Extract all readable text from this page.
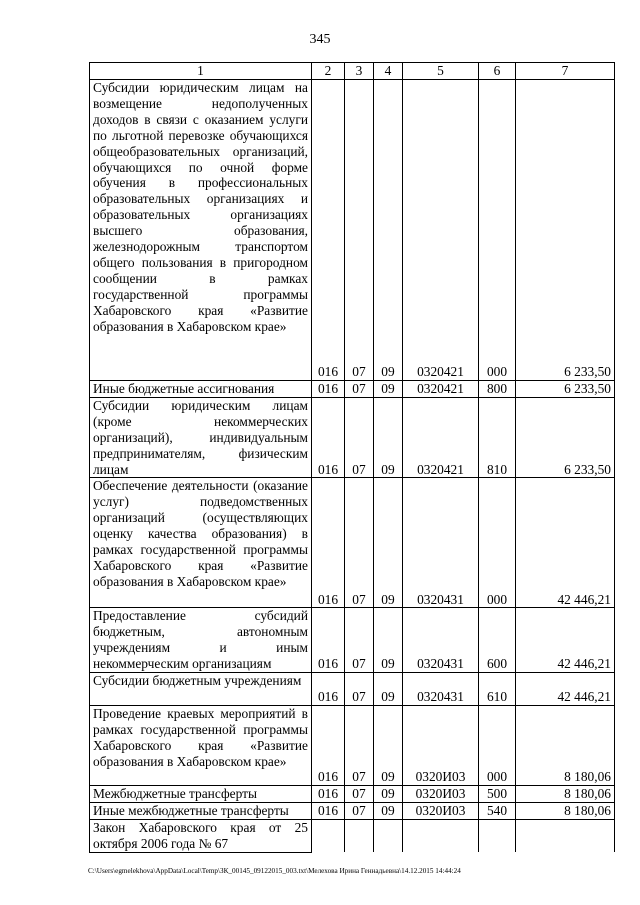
345
1	2	3	4	5	6	7
Субсидии юридическим лицам на возмещение недополученных доходов в связи с оказанием услуги по льготной перевозке обучающихся общеобразовательных организаций, обучающихся по очной форме обучения в профессиональных образовательных организациях и образовательных организациях высшего образования, железнодорожным транспортом общего пользования в пригородном сообщении в рамках государственной программы Хабаровского края «Развитие образования в Хабаровском крае»	016	07	09	0320421	000	6 233,50
Иные бюджетные ассигнования	016	07	09	0320421	800	6 233,50
Субсидии юридическим лицам (кроме некоммерческих организаций), индивидуальным предпринимателям, физическим лицам	016	07	09	0320421	810	6 233,50
Обеспечение деятельности (оказание услуг) подведомственных организаций (осуществляющих оценку качества образования) в рамках государственной программы Хабаровского края «Развитие образования в Хабаровском крае»	016	07	09	0320431	000	42 446,21
Предоставление субсидий бюджетным, автономным учреждениям и иным некоммерческим организациям	016	07	09	0320431	600	42 446,21
Субсидии бюджетным учреждениям	016	07	09	0320431	610	42 446,21
Проведение краевых мероприятий в рамках государственной программы Хабаровского края «Развитие образования в Хабаровском крае»	016	07	09	0320И03	000	8 180,06
Межбюджетные трансферты	016	07	09	0320И03	500	8 180,06
Иные межбюджетные трансферты	016	07	09	0320И03	540	8 180,06
Закон Хабаровского края от 25 октября 2006 года № 67						
C:\Users\egmelekhova\AppData\Local\Temp\ЗК_00145_09122015_003.txt\Мелехова Ирина Геннадьевна\14.12.2015 14:44:24
